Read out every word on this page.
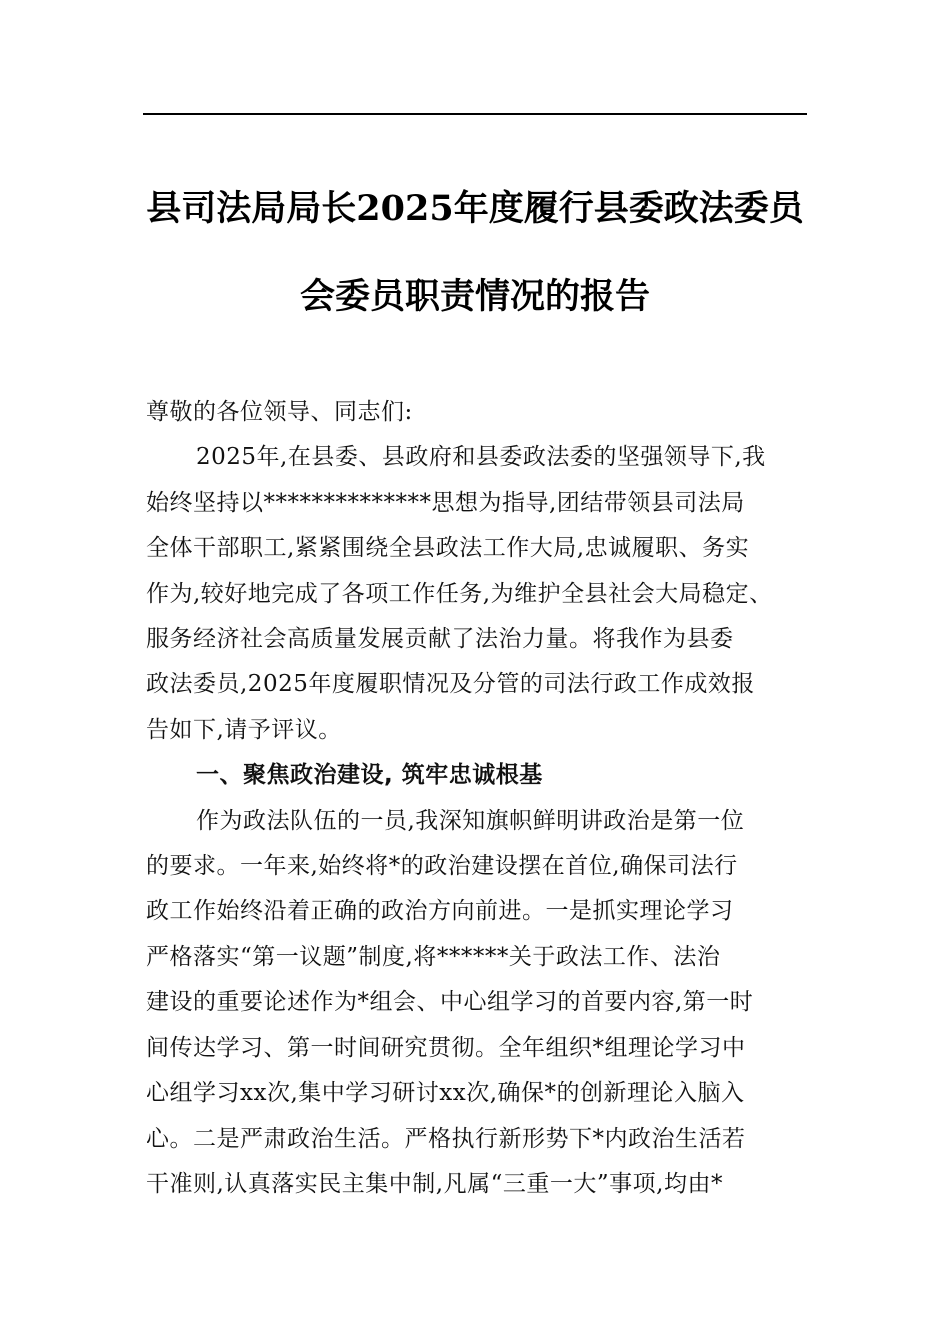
县司法局局长2025年度履行县委政法委员
会委员职责情况的报告

尊敬的各位领导、同志们:

2025年,在县委、县政府和县委政法委的坚强领导下,我

始终坚持以**************思想为指导,团结带领县司法局

全体干部职工,紧紧围绕全县政法工作大局,忠诚履职、务实

作为,较好地完成了各项工作任务,为维护全县社会大局稳定、

服务经济社会高质量发展贡献了法治力量。将我作为县委

政法委员,2025年度履职情况及分管的司法行政工作成效报

告如下,请予评议。

一、聚焦政治建设, 筑牢忠诚根基

作为政法队伍的一员,我深知旗帜鲜明讲政治是第一位

的要求。一年来,始终将*的政治建设摆在首位,确保司法行

政工作始终沿着正确的政治方向前进。一是抓实理论学习

严格落实“第一议题”制度,将******关于政法工作、法治

建设的重要论述作为*组会、中心组学习的首要内容,第一时

间传达学习、第一时间研究贯彻。全年组织*组理论学习中

心组学习xx次,集中学习研讨xx次,确保*的创新理论入脑入

心。二是严肃政治生活。严格执行新形势下*内政治生活若

干准则,认真落实民主集中制,凡属“三重一大”事项,均由*
